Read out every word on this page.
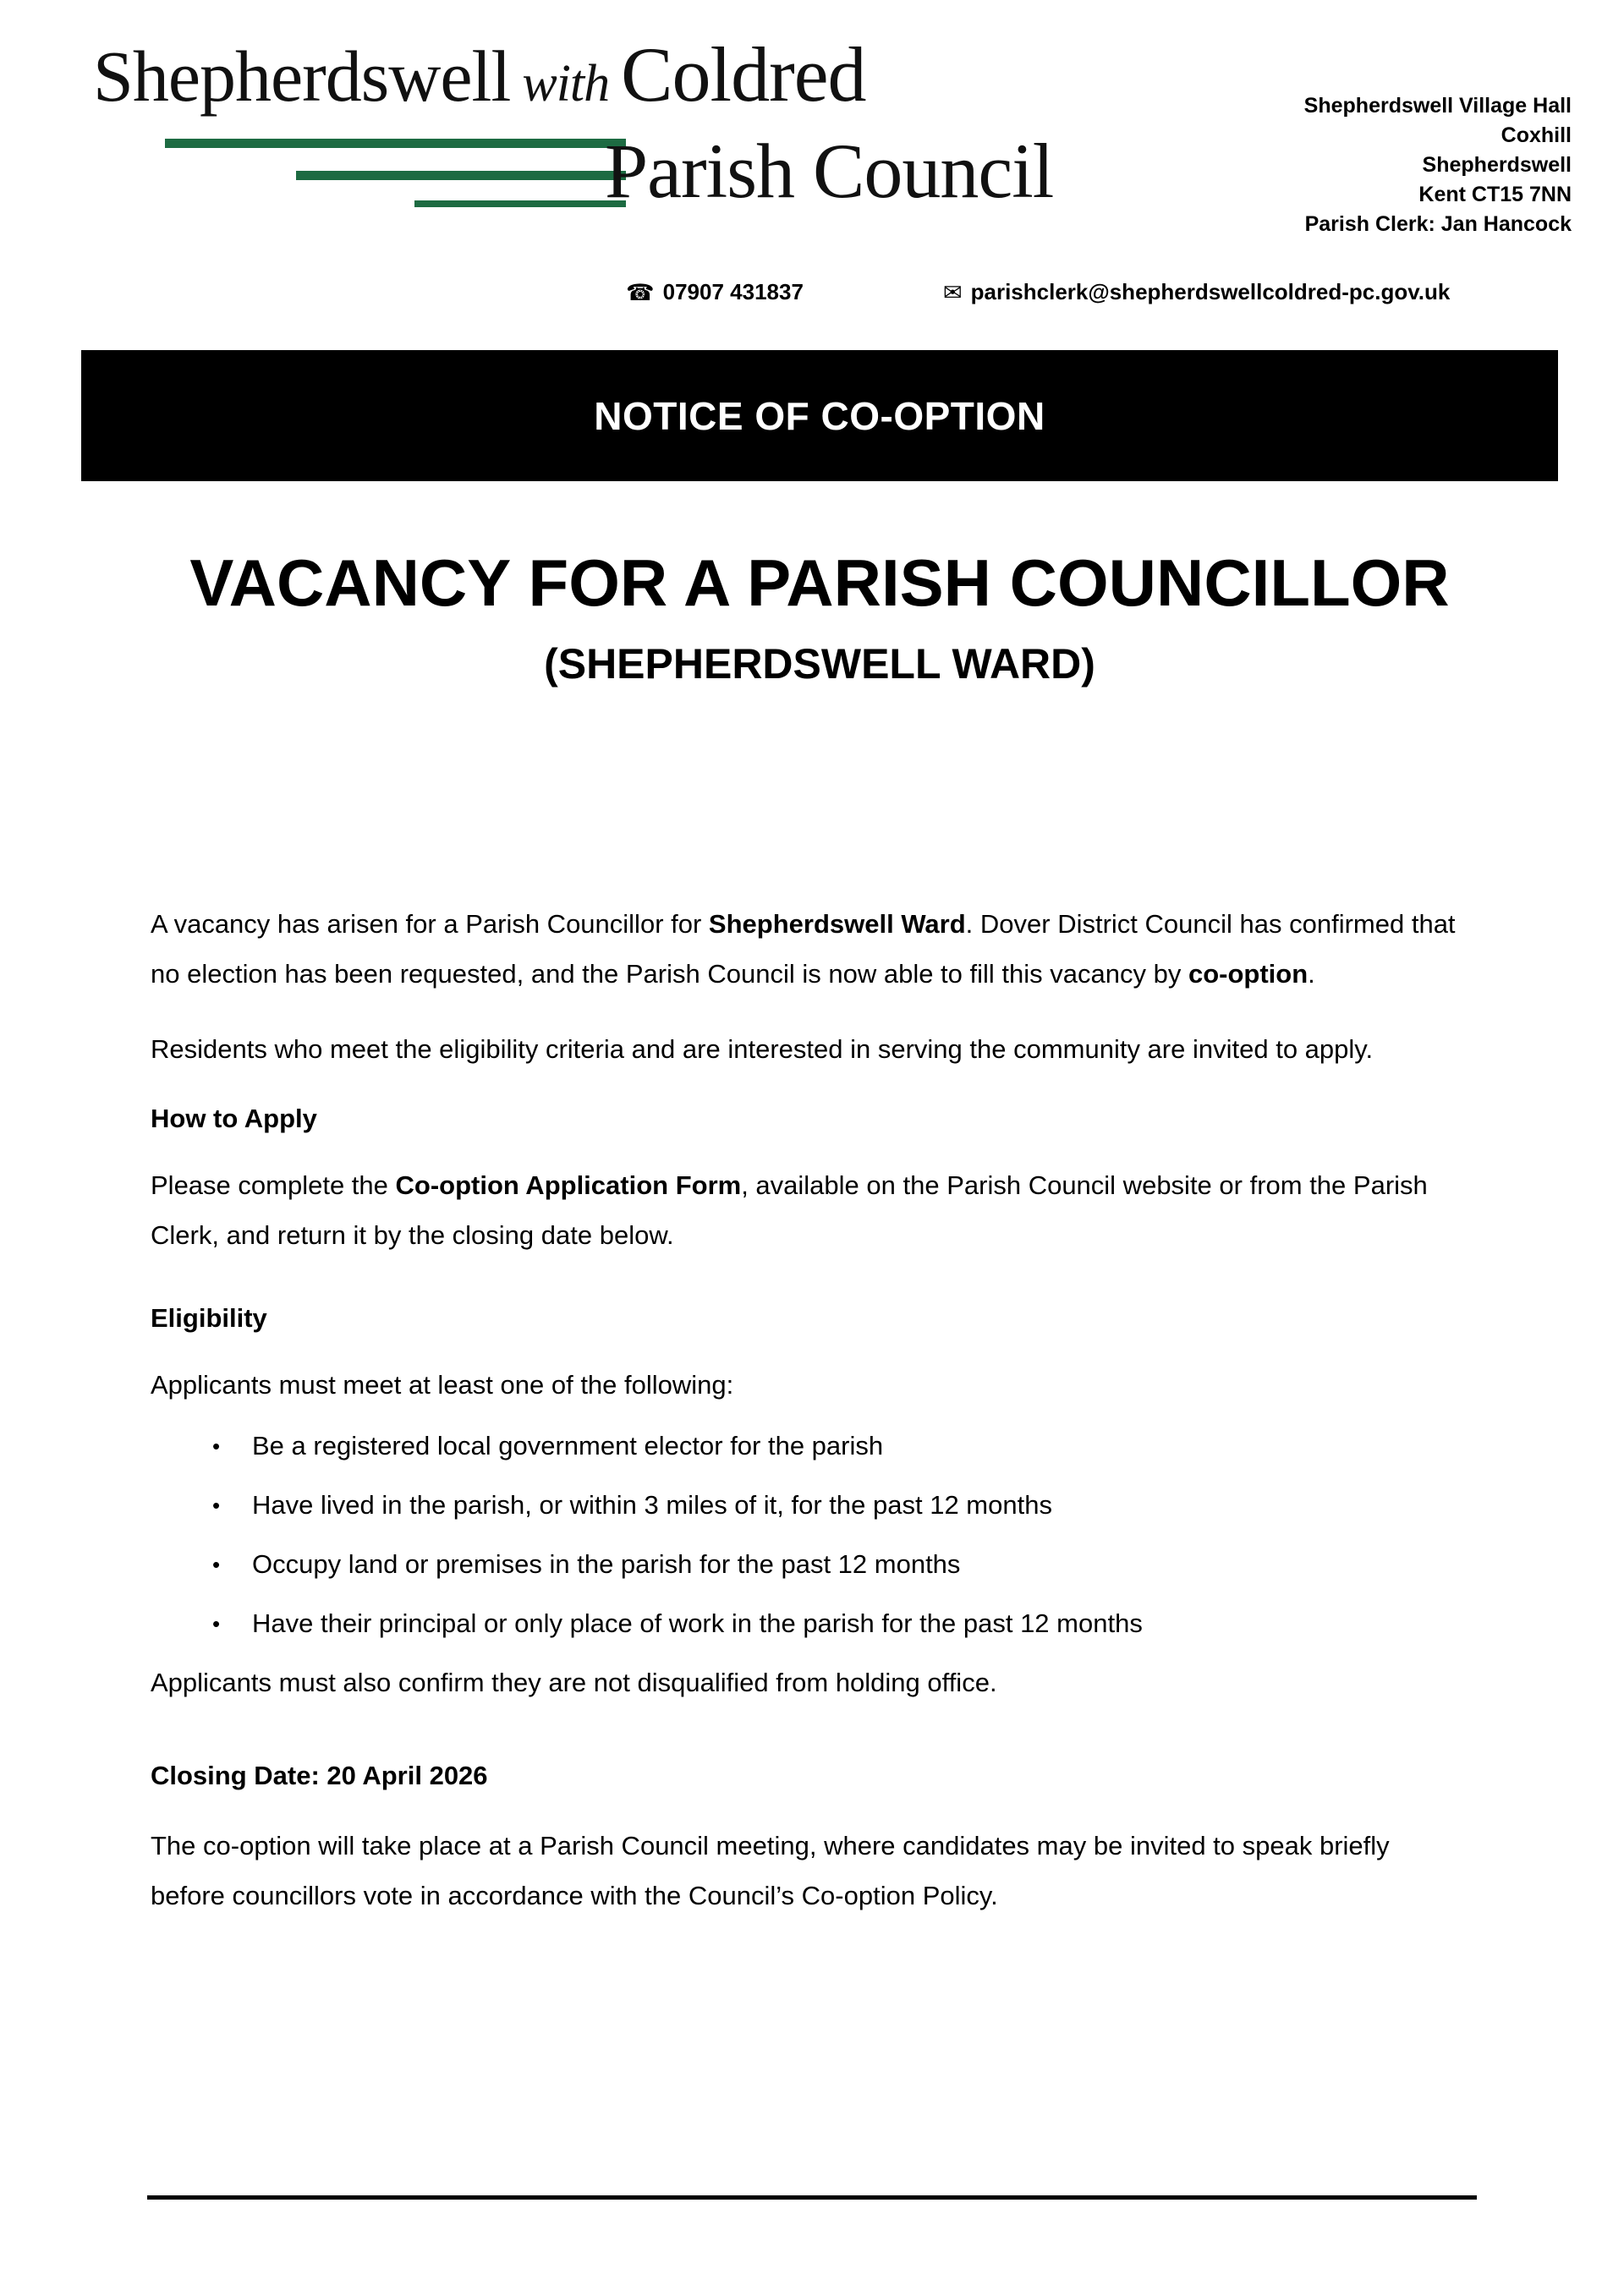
Shepherdswell with Coldred
Parish Council
Shepherdswell Village Hall
Coxhill
Shepherdswell
Kent CT15 7NN
Parish Clerk: Jan Hancock
☎ 07907 431837	✉ parishclerk@shepherdswellcoldred-pc.gov.uk
NOTICE OF CO-OPTION
VACANCY FOR A PARISH COUNCILLOR
(SHEPHERDSWELL WARD)

A vacancy has arisen for a Parish Councillor for Shepherdswell Ward. Dover District Council has confirmed that no election has been requested, and the Parish Council is now able to fill this vacancy by co-option.

Residents who meet the eligibility criteria and are interested in serving the community are invited to apply.

How to Apply

Please complete the Co-option Application Form, available on the Parish Council website or from the Parish Clerk, and return it by the closing date below.

Eligibility

Applicants must meet at least one of the following:

• Be a registered local government elector for the parish
• Have lived in the parish, or within 3 miles of it, for the past 12 months
• Occupy land or premises in the parish for the past 12 months
• Have their principal or only place of work in the parish for the past 12 months

Applicants must also confirm they are not disqualified from holding office.

Closing Date: 20 April 2026

The co-option will take place at a Parish Council meeting, where candidates may be invited to speak briefly before councillors vote in accordance with the Council’s Co-option Policy.
